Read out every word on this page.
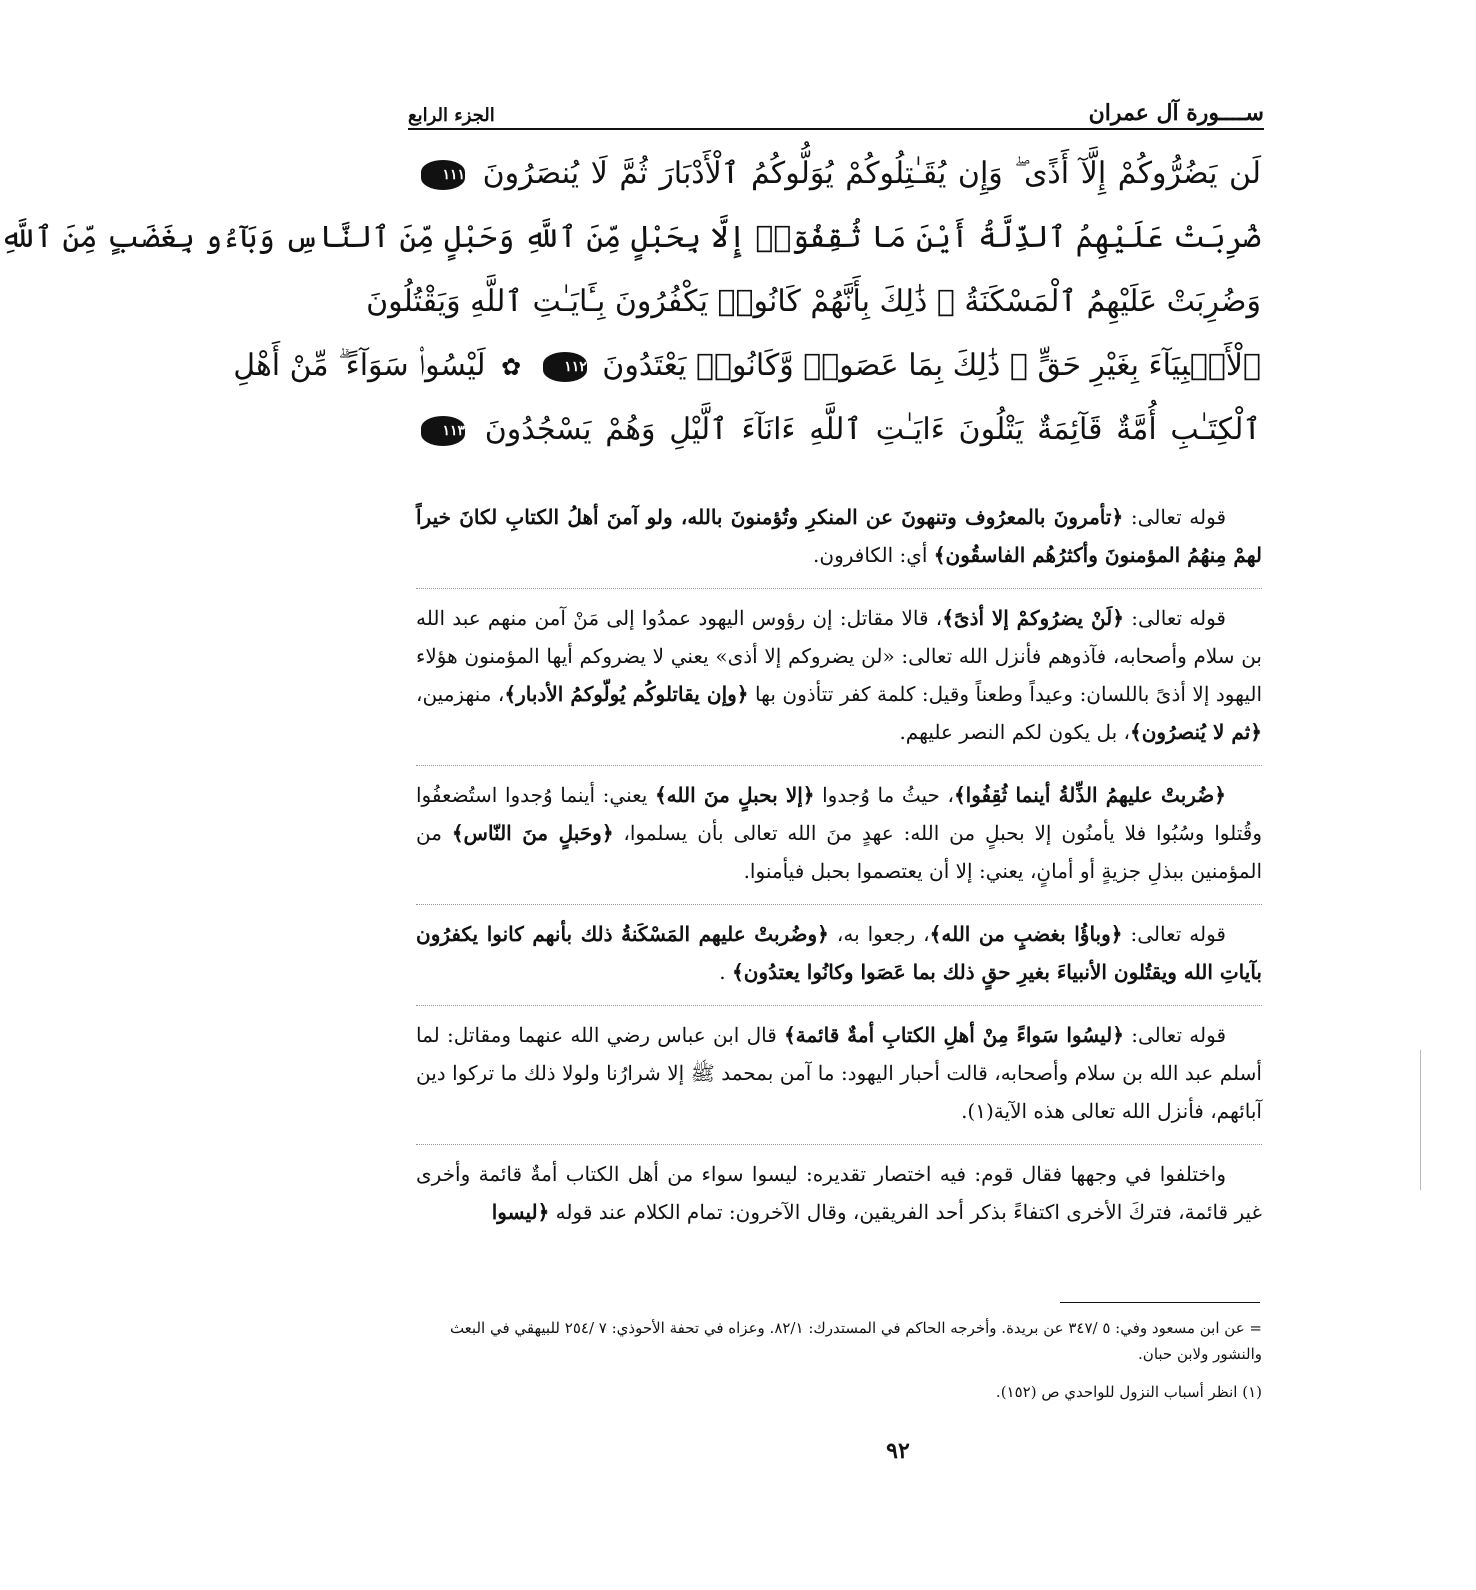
ســــورة آل عمران
الجزء الرابع
لَن يَضُرُّوكُمْ إِلَّآ أَذًى ۖ وَإِن يُقَـٰتِلُوكُمْ يُوَلُّوكُمُ ٱلْأَدْبَارَ ثُمَّ لَا يُنصَرُونَ ١١١
ضُرِبَتْ عَلَيْهِمُ ٱلذِّلَّةُ أَيْنَ مَا ثُقِفُوٓا۟ إِلَّا بِحَبْلٍ مِّنَ ٱللَّهِ وَحَبْلٍ مِّنَ ٱلنَّاسِ وَبَآءُو بِغَضَبٍ مِّنَ ٱللَّهِ
وَضُرِبَتْ عَلَيْهِمُ ٱلْمَسْكَنَةُ ۚ ذَٰلِكَ بِأَنَّهُمْ كَانُوا۟ يَكْفُرُونَ بِـَٔايَـٰتِ ٱللَّهِ وَيَقْتُلُونَ
ٱلْأَنۢبِيَآءَ بِغَيْرِ حَقٍّ ۚ ذَٰلِكَ بِمَا عَصَوا۟ وَّكَانُوا۟ يَعْتَدُونَ ١١٢ ✿ لَيْسُوا۟ سَوَآءً ۗ مِّنْ أَهْلِ
ٱلْكِتَـٰبِ أُمَّةٌ قَآئِمَةٌ يَتْلُونَ ءَايَـٰتِ ٱللَّهِ ءَانَآءَ ٱلَّيْلِ وَهُمْ يَسْجُدُونَ ١١٣

قوله تعالى: ﴿تأمرونَ بالمعرُوف وتنهونَ عن المنكرِ وتُؤمنونَ بالله، ولو آمنَ أهلُ الكتابِ لكانَ خيراً لهمْ مِنهُمُ المؤمنونَ وأكثرُهُم الفاسقُون﴾ أي: الكافرون.

قوله تعالى: ﴿لَنْ يضرُوكمْ إلا أذىً﴾، قالا مقاتل: إن رؤوس اليهود عمدُوا إلى مَنْ آمن منهم عبد الله بن سلام وأصحابه، فآذوهم فأنزل الله تعالى: «لن يضروكم إلا أذى» يعني لا يضروكم أيها المؤمنون هؤلاء اليهود إلا أذىً باللسان: وعيداً وطعناً وقيل: كلمة كفر تتأذون بها ﴿وإن يقاتلوكُم يُولّوكمُ الأدبار﴾، منهزمين، ﴿ثم لا يُنصرُون﴾، بل يكون لكم النصر عليهم.

﴿ضُربتْ عليهمُ الذِّلةُ أينما ثُقِفُوا﴾، حيثُ ما وُجدوا ﴿إلا بحبلٍ منَ الله﴾ يعني: أينما وُجدوا استُضعفُوا وقُتلوا وسُبُوا فلا يأمنُون إلا بحبلٍ من الله: عهدٍ منَ الله تعالى بأن يسلموا، ﴿وحَبلٍ منَ النّاس﴾ من المؤمنين ببذلِ جزيةٍ أو أمانٍ، يعني: إلا أن يعتصموا بحبل فيأمنوا.

قوله تعالى: ﴿وباؤُا بغضبٍ من الله﴾، رجعوا به، ﴿وضُربتْ عليهم المَسْكَنةُ ذلك بأنهم كانوا يكفرُون بآياتِ الله ويقتُلون الأنبياءَ بغيرِ حقٍ ذلك بما عَصَوا وكانُوا يعتدُون﴾ .

قوله تعالى: ﴿ليسُوا سَواءً مِنْ أهلِ الكتابِ أمةٌ قائمة﴾ قال ابن عباس رضي الله عنهما ومقاتل: لما أسلم عبد الله بن سلام وأصحابه، قالت أحبار اليهود: ما آمن بمحمد ﷺ إلا شرارُنا ولولا ذلك ما تركوا دين آبائهم، فأنزل الله تعالى هذه الآية(١).

واختلفوا في وجهها فقال قوم: فيه اختصار تقديره: ليسوا سواء من أهل الكتاب أمةٌ قائمة وأخرى غير قائمة، فتركَ الأخرى اكتفاءً بذكر أحد الفريقين، وقال الآخرون: تمام الكلام عند قوله ﴿ليسوا

= عن ابن مسعود وفي: ٥ /٣٤٧ عن بريدة. وأخرجه الحاكم في المستدرك: ٨٢/١. وعزاه في تحفة الأحوذي: ٧ /٢٥٤ للبيهقي في البعث والنشور ولابن حبان.

(١) انظر أسباب النزول للواحدي ص (١٥٢).

٩٢
